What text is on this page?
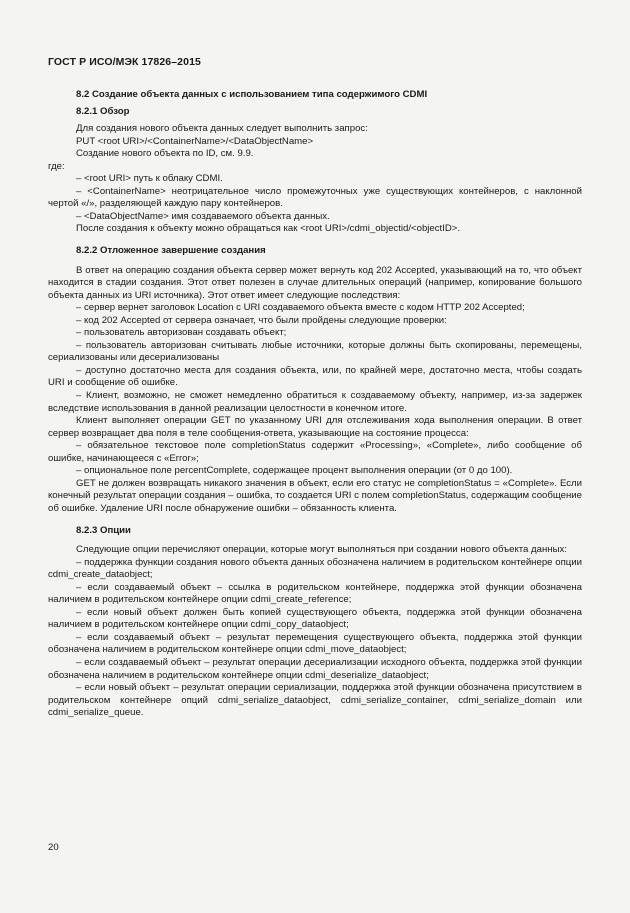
ГОСТ Р ИСО/МЭК 17826–2015
8.2 Создание объекта данных с использованием типа содержимого CDMI
8.2.1 Обзор

Для создания нового объекта данных следует выполнить запрос:

PUT <root URI>/<ContainerName>/<DataObjectName>

Создание нового объекта по ID, см. 9.9.

где:

– <root URI> путь к облаку CDMI.

– <ContainerName> неотрицательное число промежуточных уже существующих контейнеров, с наклонной чертой «/», разделяющей каждую пару контейнеров.

– <DataObjectName> имя создаваемого объекта данных.

После создания к объекту можно обращаться как <root URI>/cdmi_objectid/<objectID>.

8.2.2 Отложенное завершение создания

В ответ на операцию создания объекта сервер может вернуть код 202 Accepted, указывающий на то, что объект находится в стадии создания. Этот ответ полезен в случае длительных операций (например, копирование большого объекта данных из URI источника). Этот ответ имеет следующие последствия:

– сервер вернет заголовок Location с URI создаваемого объекта вместе с кодом HTTP 202 Accepted;

– код 202 Accepted от сервера означает, что были пройдены следующие проверки:

– пользователь авторизован создавать объект;

– пользователь авторизован считывать любые источники, которые должны быть скопированы, перемещены, сериализованы или десериализованы

– доступно достаточно места для создания объекта, или, по крайней мере, достаточно места, чтобы создать URI и сообщение об ошибке.

– Клиент, возможно, не сможет немедленно обратиться к создаваемому объекту, например, из-за задержек вследствие использования в данной реализации целостности в конечном итоге.

Клиент выполняет операции GET по указанному URI для отслеживания хода выполнения операции. В ответ сервер возвращает два поля в теле сообщения-ответа, указывающие на состояние процесса:

– обязательное текстовое поле completionStatus содержит «Processing», «Complete», либо сообщение об ошибке, начинающееся с «Error»;

– опциональное поле percentComplete, содержащее процент выполнения операции (от 0 до 100).

GET не должен возвращать никакого значения в объект, если его статус не completionStatus = «Complete». Если конечный результат операции создания – ошибка, то создается URI с полем completionStatus, содержащим сообщение об ошибке. Удаление URI после обнаружение ошибки – обязанность клиента.

8.2.3 Опции

Следующие опции перечисляют операции, которые могут выполняться при создании нового объекта данных:

– поддержка функции создания нового объекта данных обозначена наличием в родительском контейнере опции cdmi_create_dataobject;

– если создаваемый объект – ссылка в родительском контейнере, поддержка этой функции обозначена наличием в родительском контейнере опции cdmi_create_reference;

– если новый объект должен быть копией существующего объекта, поддержка этой функции обозначена наличием в родительском контейнере опции cdmi_copy_dataobject;

– если создаваемый объект – результат перемещения существующего объекта, поддержка этой функции обозначена наличием в родительском контейнере опции cdmi_move_dataobject;

– если создаваемый объект – результат операции десериализации исходного объекта, поддержка этой функции обозначена наличием в родительском контейнере опции cdmi_deserialize_dataobject;

– если новый объект – результат операции сериализации, поддержка этой функции обозначена присутствием в родительском контейнере опций cdmi_serialize_dataobject, cdmi_serialize_container, cdmi_serialize_domain или cdmi_serialize_queue.

20
